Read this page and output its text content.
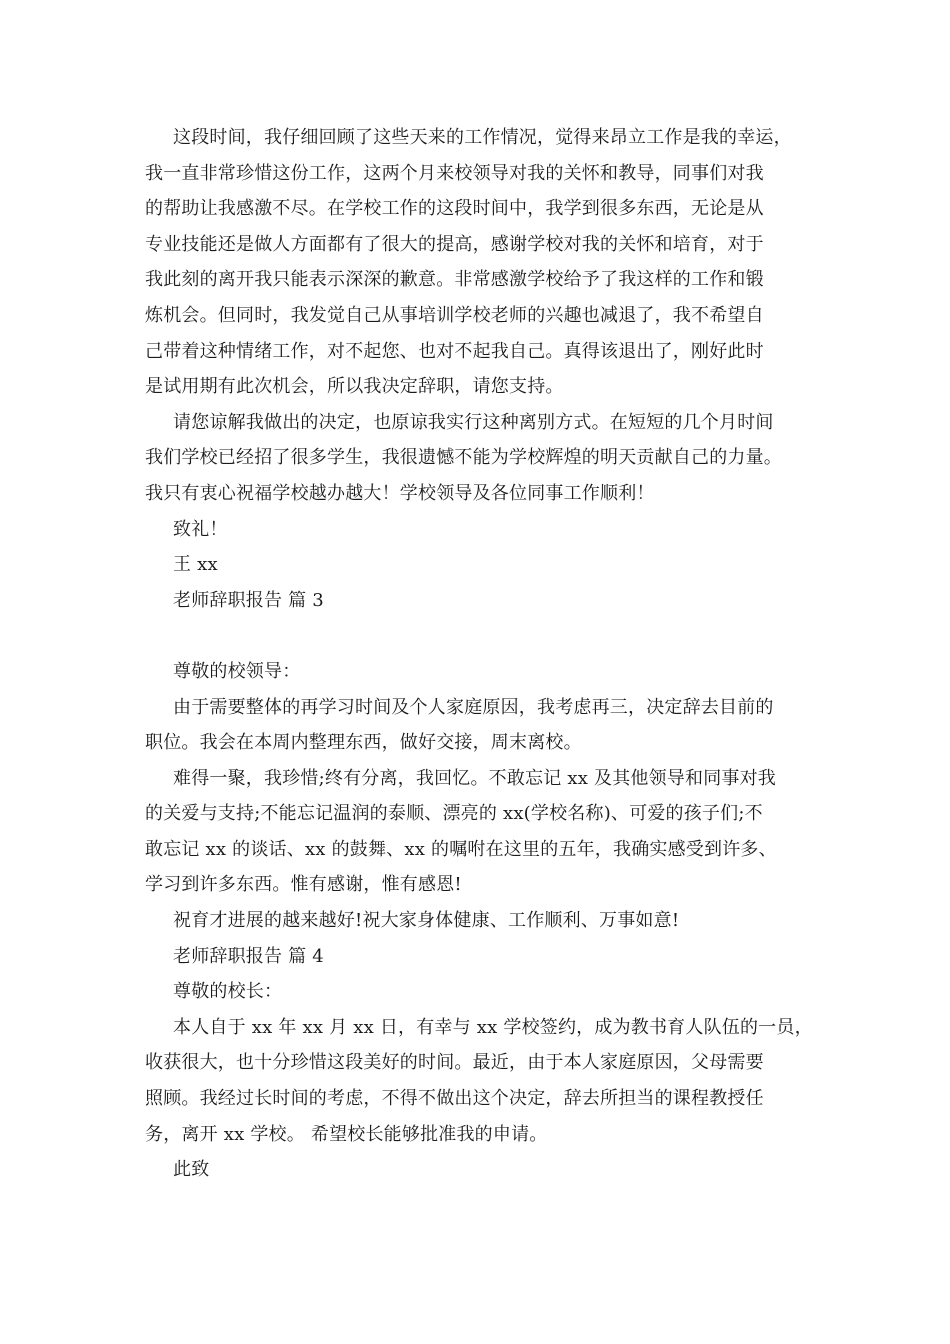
这段时间，我仔细回顾了这些天来的工作情况，觉得来昂立工作是我的幸运，
我一直非常珍惜这份工作，这两个月来校领导对我的关怀和教导，同事们对我
的帮助让我感激不尽。在学校工作的这段时间中，我学到很多东西，无论是从
专业技能还是做人方面都有了很大的提高，感谢学校对我的关怀和培育，对于
我此刻的离开我只能表示深深的歉意。非常感激学校给予了我这样的工作和锻
炼机会。但同时，我发觉自己从事培训学校老师的兴趣也减退了，我不希望自
己带着这种情绪工作，对不起您、也对不起我自己。真得该退出了，刚好此时
是试用期有此次机会，所以我决定辞职，请您支持。
请您谅解我做出的决定，也原谅我实行这种离别方式。在短短的几个月时间
我们学校已经招了很多学生，我很遗憾不能为学校辉煌的明天贡献自己的力量。
我只有衷心祝福学校越办越大！学校领导及各位同事工作顺利！
致礼！
王 xx
老师辞职报告 篇 3
尊敬的校领导：
由于需要整体的再学习时间及个人家庭原因，我考虑再三，决定辞去目前的
职位。我会在本周内整理东西，做好交接，周末离校。
难得一聚，我珍惜;终有分离，我回忆。不敢忘记 xx 及其他领导和同事对我
的关爱与支持;不能忘记温润的泰顺、漂亮的 xx(学校名称)、可爱的孩子们;不
敢忘记 xx 的谈话、xx 的鼓舞、xx 的嘱咐在这里的五年，我确实感受到许多、
学习到许多东西。惟有感谢，惟有感恩!
祝育才进展的越来越好!祝大家身体健康、工作顺利、万事如意!
老师辞职报告 篇 4
尊敬的校长：
本人自于 xx 年 xx 月 xx 日，有幸与 xx 学校签约，成为教书育人队伍的一员，
收获很大，也十分珍惜这段美好的时间。最近，由于本人家庭原因，父母需要
照顾。我经过长时间的考虑，不得不做出这个决定，辞去所担当的课程教授任
务，离开 xx 学校。 希望校长能够批准我的申请。
此致
